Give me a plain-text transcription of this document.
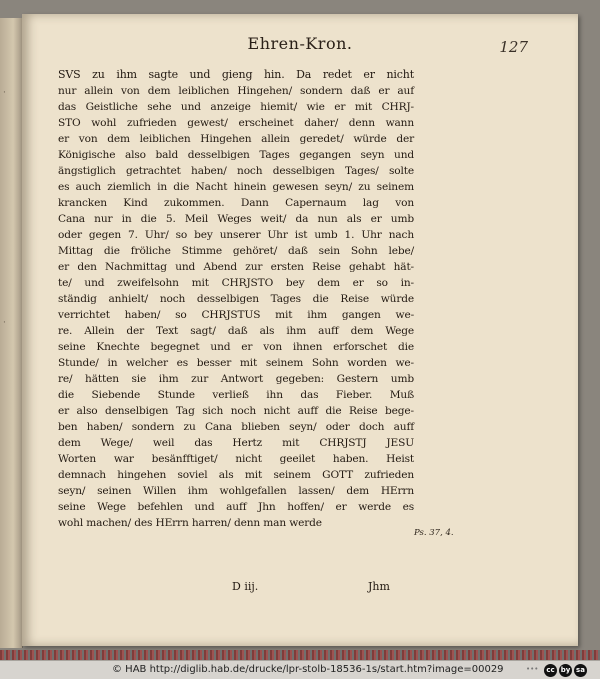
·
·
Ehren-Kron.	127
SVS zu ihm sagte und gieng hin. Da redet er nicht
nur allein von dem leiblichen Hingehen/ sondern daß er auf
das Geistliche sehe und anzeige hiemit/ wie er mit CHRJ-
STO wohl zufrieden gewest/ erscheinet daher/ denn wann
er von dem leiblichen Hingehen allein geredet/ würde der
Königische also bald desselbigen Tages gegangen seyn und
ängstiglich getrachtet haben/ noch desselbigen Tages/ solte
es auch ziemlich in die Nacht hinein gewesen seyn/ zu seinem
krancken Kind zukommen. Dann Capernaum lag von
Cana nur in die 5. Meil Weges weit/ da nun als er umb
oder gegen 7. Uhr/ so bey unserer Uhr ist umb 1. Uhr nach
Mittag die fröliche Stimme gehöret/ daß sein Sohn lebe/
er den Nachmittag und Abend zur ersten Reise gehabt hät-
te/ und zweifelsohn mit CHRJSTO bey dem er so in-
ständig anhielt/ noch desselbigen Tages die Reise würde
verrichtet haben/ so CHRJSTUS mit ihm gangen we-
re. Allein der Text sagt/ daß als ihm auff dem Wege
seine Knechte begegnet und er von ihnen erforschet die
Stunde/ in welcher es besser mit seinem Sohn worden we-
re/ hätten sie ihm zur Antwort gegeben: Gestern umb
die Siebende Stunde verließ ihn das Fieber. Muß
er also denselbigen Tag sich noch nicht auff die Reise bege-
ben haben/ sondern zu Cana blieben seyn/ oder doch auff
dem Wege/ weil das Hertz mit CHRJSTJ JESU
Worten war besänfftiget/ nicht geeilet haben. Heist
demnach hingehen soviel als mit seinem GOTT zufrieden
seyn/ seinen Willen ihm wohlgefallen lassen/ dem HErrn
seine Wege befehlen und auff Jhn hoffen/ er werde es
wohl machen/ des HErrn harren/ denn man werde
Ps. 37, 4.
D iij.	Jhm
© HAB http://diglib.hab.de/drucke/lpr-stolb-18536-1s/start.htm?image=00029	•••	cc by sa
